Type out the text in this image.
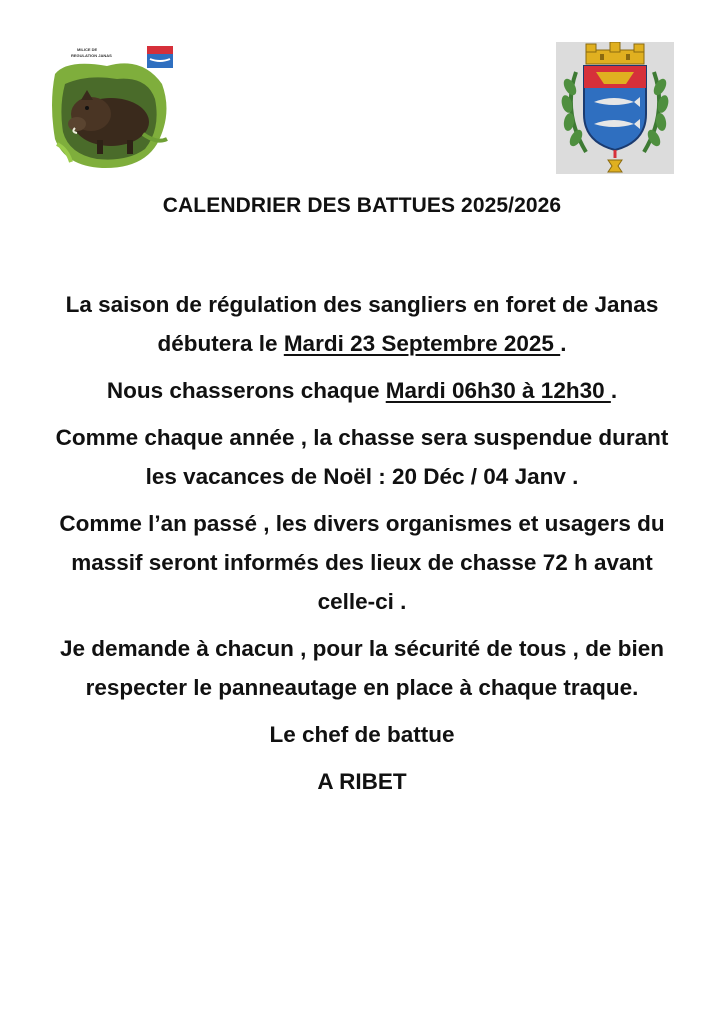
MILICE DE
REGULATION JANAS
CALENDRIER DES BATTUES 2025/2026

La saison de régulation des sangliers en foret de Janas débutera le Mardi 23 Septembre 2025 .

Nous chasserons chaque Mardi 06h30 à 12h30 .

Comme chaque année , la chasse sera suspendue durant les vacances de Noël : 20 Déc / 04 Janv .

Comme l’an passé , les divers organismes et usagers du massif seront informés des lieux de chasse 72 h avant celle-ci .

Je demande à chacun , pour la sécurité de tous , de bien respecter le panneautage en place à chaque traque.

Le chef de battue

A RIBET
